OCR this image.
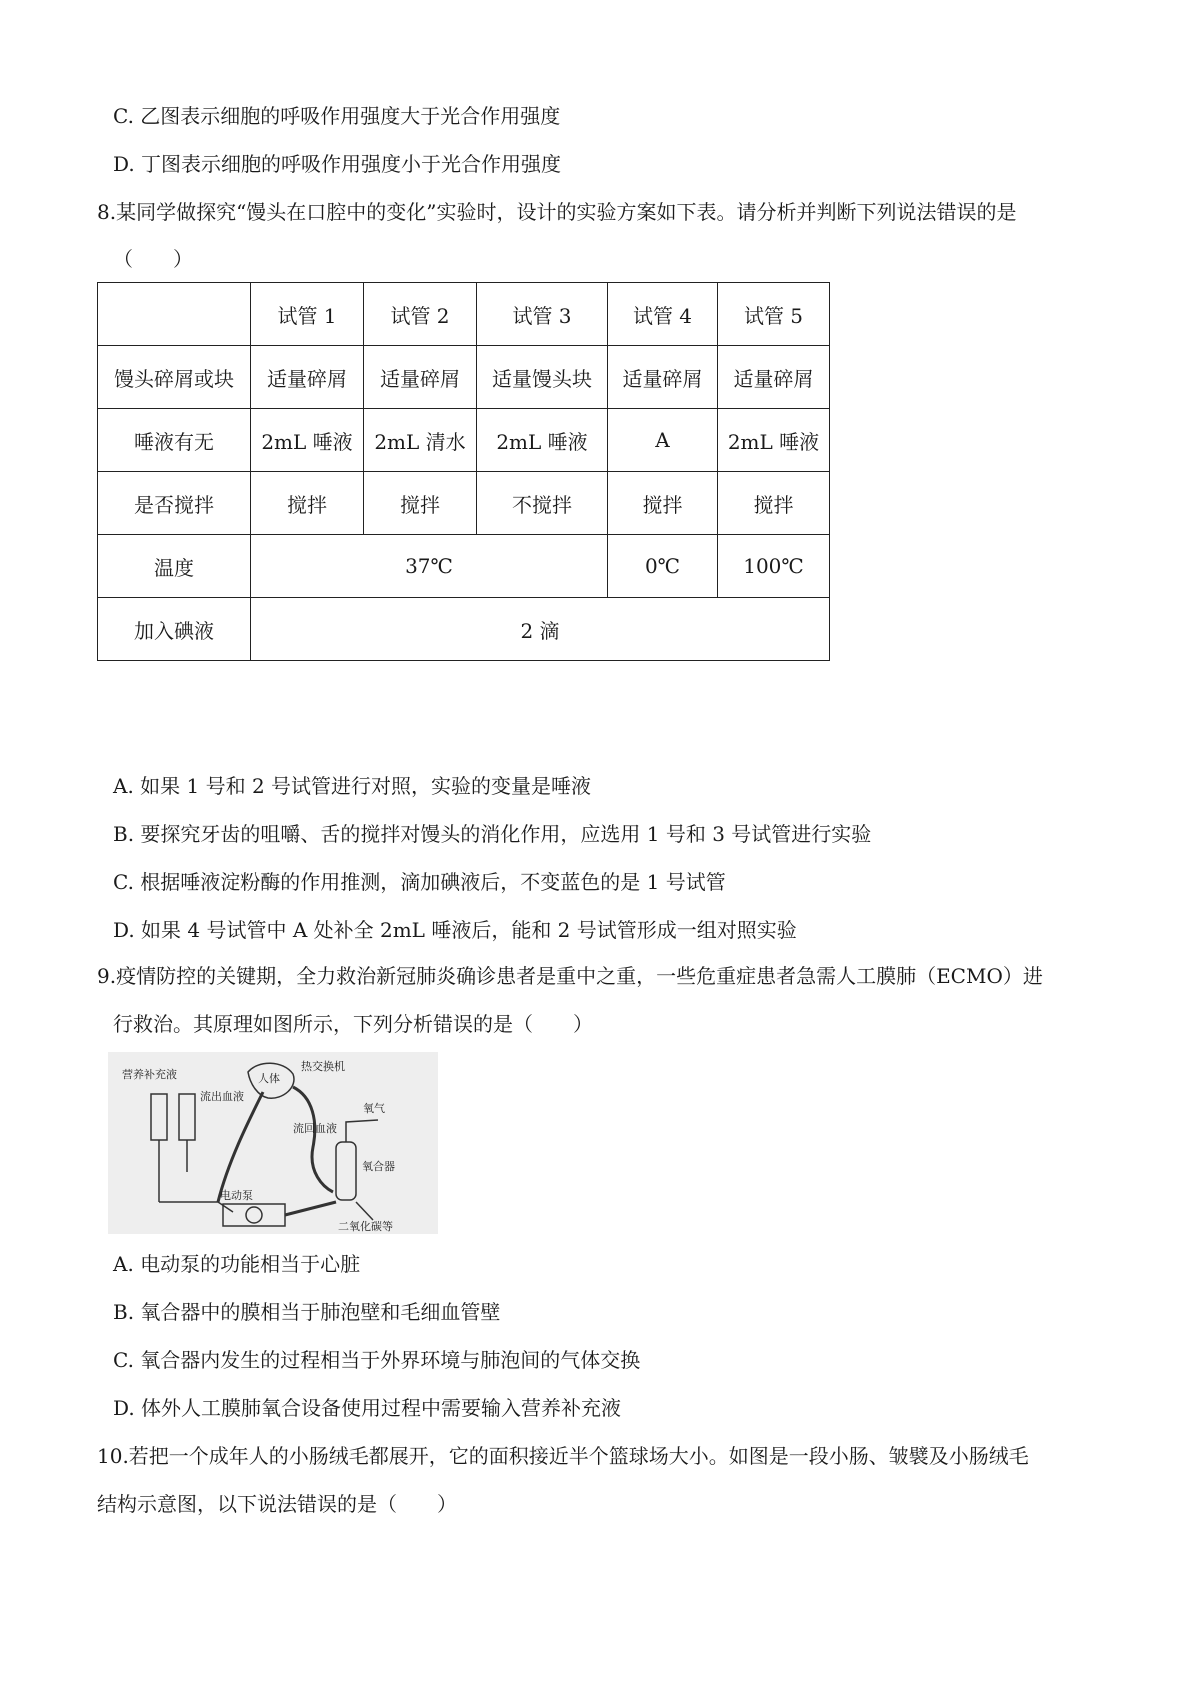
C. 乙图表示细胞的呼吸作用强度大于光合作用强度
D. 丁图表示细胞的呼吸作用强度小于光合作用强度
8.某同学做探究“馒头在口腔中的变化”实验时，设计的实验方案如下表。请分析并判断下列说法错误的是
（　　）
	试管 1	试管 2	试管 3	试管 4	试管 5
馒头碎屑或块	适量碎屑	适量碎屑	适量馒头块	适量碎屑	适量碎屑
唾液有无	2mL 唾液	2mL 清水	2mL 唾液	A	2mL 唾液
是否搅拌	搅拌	搅拌	不搅拌	搅拌	搅拌
温度	37℃			0℃	100℃
加入碘液	2 滴				
A. 如果 1 号和 2 号试管进行对照，实验的变量是唾液
B. 要探究牙齿的咀嚼、舌的搅拌对馒头的消化作用，应选用 1 号和 3 号试管进行实验
C. 根据唾液淀粉酶的作用推测，滴加碘液后，不变蓝色的是 1 号试管
D. 如果 4 号试管中 A 处补全 2mL 唾液后，能和 2 号试管形成一组对照实验
9.疫情防控的关键期，全力救治新冠肺炎确诊患者是重中之重，一些危重症患者急需人工膜肺（ECMO）进
行救治。其原理如图所示，下列分析错误的是（　　）
营养补充液
流出血液
人体
热交换机
流回血液
氧气
氧合器
电动泵
二氧化碳等
A. 电动泵的功能相当于心脏
B. 氧合器中的膜相当于肺泡壁和毛细血管壁
C. 氧合器内发生的过程相当于外界环境与肺泡间的气体交换
D. 体外人工膜肺氧合设备使用过程中需要输入营养补充液
10.若把一个成年人的小肠绒毛都展开，它的面积接近半个篮球场大小。如图是一段小肠、皱襞及小肠绒毛
结构示意图，以下说法错误的是（　　）
